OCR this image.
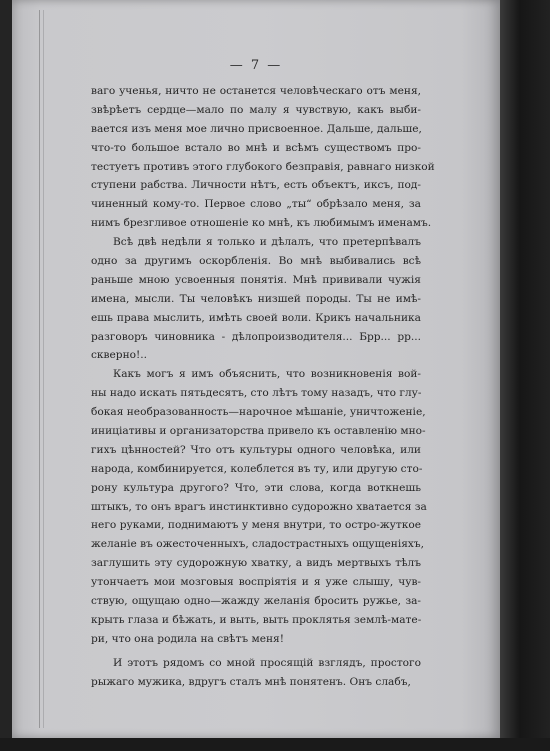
— 7 —
ваго ученья, ничто не останется человѣческаго отъ меня,
звѣрѣетъ сердце—мало по малу я чувствую, какъ выби-
вается изъ меня мое лично присвоенное. Дальше, дальше,
что-то большое встало во мнѣ и всѣмъ существомъ про-
тестуетъ противъ этого глубокого безправія, равнаго низкой
ступени рабства. Личности нѣтъ, есть объектъ, иксъ, под-
чиненный кому-то. Первое слово „ты“ обрѣзало меня, за
нимъ брезгливое отношеніе ко мнѣ, къ любимымъ именамъ.
Всѣ двѣ недѣли я только и дѣлалъ, что претерпѣвалъ
одно за другимъ оскорбленія. Во мнѣ выбивались всѣ
раньше мною усвоенныя понятія. Мнѣ прививали чужія
имена, мысли. Ты человѣкъ низшей породы. Ты не имѣ-
ешь права мыслить, имѣть своей воли. Крикъ начальника
разговоръ чиновника - дѣлопроизводителя... Брр... рр...
скверно!..
Какъ могъ я имъ объяснить, что возникновенія вой-
ны надо искать пятьдесятъ, сто лѣтъ тому назадъ, что глу-
бокая необразованность—нарочное мѣшаніе, уничтоженіе,
иниціативы и организаторства привело къ оставленію мно-
гихъ цѣнностей? Что отъ культуры одного человѣка, или
народа, комбинируется, колеблется въ ту, или другую сто-
рону культура другого? Что, эти слова, когда воткнешь
штыкъ, то онъ врагъ инстинктивно судорожно хватается за
него руками, поднимаютъ у меня внутри, то остро-жуткое
желаніе въ ожесточенныхъ, сладострастныхъ ощущеніяхъ,
заглушить эту судорожную хватку, а видъ мертвыхъ тѣлъ
утончаетъ мои мозговыя воспріятія и я уже слышу, чув-
ствую, ощущаю одно—жажду желанія бросить ружье, за-
крыть глаза и бѣжать, и выть, выть проклятья землѣ-мате-
ри, что она родила на свѣтъ меня!
И этотъ рядомъ со мной просящій взглядъ, простого
рыжаго мужика, вдругъ сталъ мнѣ понятенъ. Онъ слабъ,
